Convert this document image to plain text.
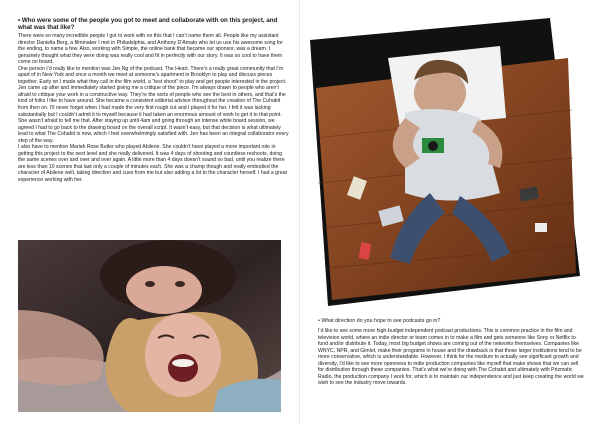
• Who were some of the people you got to meet and collaborate with on this project, and what was that like?

There were so many incredible people I got to work with on this that I can’t name them all. People like my assistant director Daniella Berg, a filmmaker I met in Philadelphia, and Anthony D’Amato who let us use his awesome song for the ending, to name a few. Also, working with Simple, the online bank that became our sponsor, was a dream. I genuinely thought what they were doing was really cool and fit in perfectly with our story. It was so cool to have them come on board.

One person I’d really like to mention was Jen Ng of the podcast, The Heart. There’s a really great community that I’m apart of in New York and once a month we meet at someone’s apartment in Brooklyn to play and discuss pieces together. Early on I made what they call in the film world, a “test shoot” to play and get people interested in the project. Jen came up after and immediately started giving me a critique of the piece. I’m always drawn to people who aren’t afraid to critique your work in a constructive way. They’re the sorts of people who see the best in others, and that’s the kind of folks I like to have around. She became a consistent editorial advisor throughout the creation of The Cohabit from then on. I’ll never forget when I had made the very first rough cut and I played it for her. I felt it was lacking substantially but I couldn’t admit it to myself because it had taken an enormous amount of work to get it to that point. She wasn’t afraid to tell me that. After staying up until 4am and going through an intense white board session, we agreed I had to go back to the drawing board on the overall script. It wasn’t easy, but that decision is what ultimately lead to what The Cohabit is now, which I feel overwhelmingly satisfied with. Jen has been an integral collaborator every step of the way.

I also have to mention Mariah Rose Butler who played Abilene. She couldn’t have played a more important role in getting this project to the next level and she really delivered. It was 4 days of shooting and countless reshoots, doing the same scenes over and over and over again. A little more than 4 days doesn’t sound so bad, until you realize there are less than 10 scenes that last only a couple of minutes each. She was a champ though and really embodied the character of Abilene well, taking direction and cues from me but also adding a lot to the character herself. I had a great experience working with her.

• What direction do you hope to see podcasts go in?

I’d like to see some more high-budget independent podcast productions. This is common practice in the film and television world, where an indie director or team comes in to make a film and gets someone like Sony or Netflix to fund and/or distribute it. Today, most big budget shows are coming out of the networks themselves. Companies like WNYC, NPR, and Gimlet, make their programs in house and the drawback is that those larger institutions tend to be more conservative, which is understandable. However, I think for the medium to actually see significant growth and diversity, I’d like to see more openness to indie production companies like myself that make shows that we can sell for distribution through these companies. That’s what we’re doing with The Cohabit and ultimately with Prizmatic Radio, the production company I work for, which is to maintain our independence and just keep creating the world we wish to see the industry move towards.
